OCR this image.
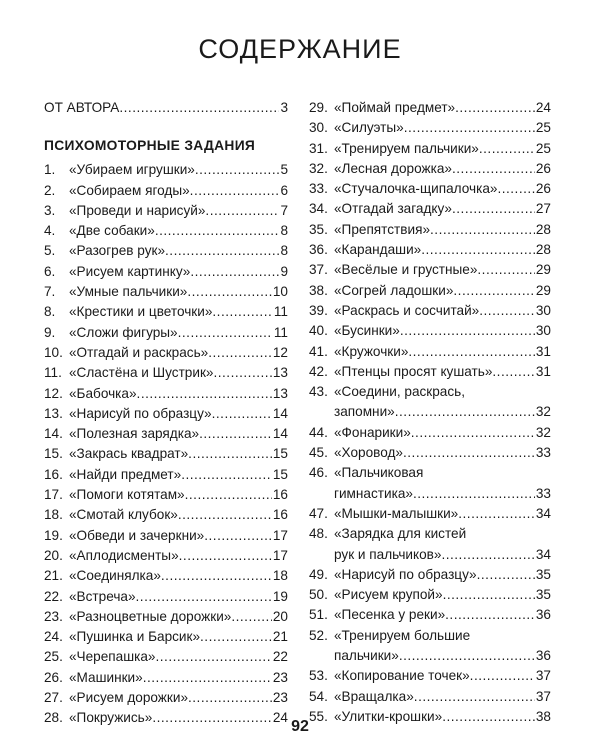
СОДЕРЖАНИЕ
ОТ АВТОРА .....	3
ПСИХОМОТОРНЫЕ ЗАДАНИЯ
1.	«Убираем игрушки» .....	5
2.	«Собираем ягоды» .....	6
3.	«Проведи и нарисуй» .....	7
4.	«Две собаки» .....	8
5.	«Разогрев рук» .....	8
6.	«Рисуем картинку» .....	9
7.	«Умные пальчики» .....	10
8.	«Крестики и цветочки» .....	11
9.	«Сложи фигуры» .....	11
10. «Отгадай и раскрась» .....	12
11. «Сластёна и Шустрик» .....	13
12. «Бабочка» .....	13
13. «Нарисуй по образцу» .....	14
14. «Полезная зарядка» .....	14
15. «Закрась квадрат» .....	15
16. «Найди предмет» .....	15
17. «Помоги котятам» .....	16
18. «Смотай клубок» .....	16
19. «Обведи и зачеркни» .....	17
20. «Аплодисменты» .....	17
21. «Соединялка» .....	18
22. «Встреча» .....	19
23. «Разноцветные дорожки» .....	20
24. «Пушинка и Барсик» .....	21
25. «Черепашка» .....	22
26. «Машинки» .....	23
27. «Рисуем дорожки» .....	23
28. «Покружись» .....	24
29. «Поймай предмет» .....	24
30. «Силуэты» .....	25
31. «Тренируем пальчики» .....	25
32. «Лесная дорожка» .....	26
33. «Стучалочка-щипалочка» .....	26
34. «Отгадай загадку» .....	27
35. «Препятствия» .....	28
36. «Карандаши» .....	28
37. «Весёлые и грустные» .....	29
38. «Согрей ладошки» .....	29
39. «Раскрась и сосчитай» .....	30
40. «Бусинки» .....	30
41. «Кружочки» .....	31
42. «Птенцы просят кушать» .....	31
43. «Соедини, раскрась,
запомни» .....	32
44. «Фонарики» .....	32
45. «Хоровод» .....	33
46. «Пальчиковая
гимнастика» .....	33
47. «Мышки-малышки» .....	34
48. «Зарядка для кистей
рук и пальчиков» .....	34
49. «Нарисуй по образцу» .....	35
50. «Рисуем крупой» .....	35
51. «Песенка у реки» .....	36
52. «Тренируем большие
пальчики» .....	36
53. «Копирование точек» .....	37
54. «Вращалка» .....	37
55. «Улитки-крошки» .....	38
92
